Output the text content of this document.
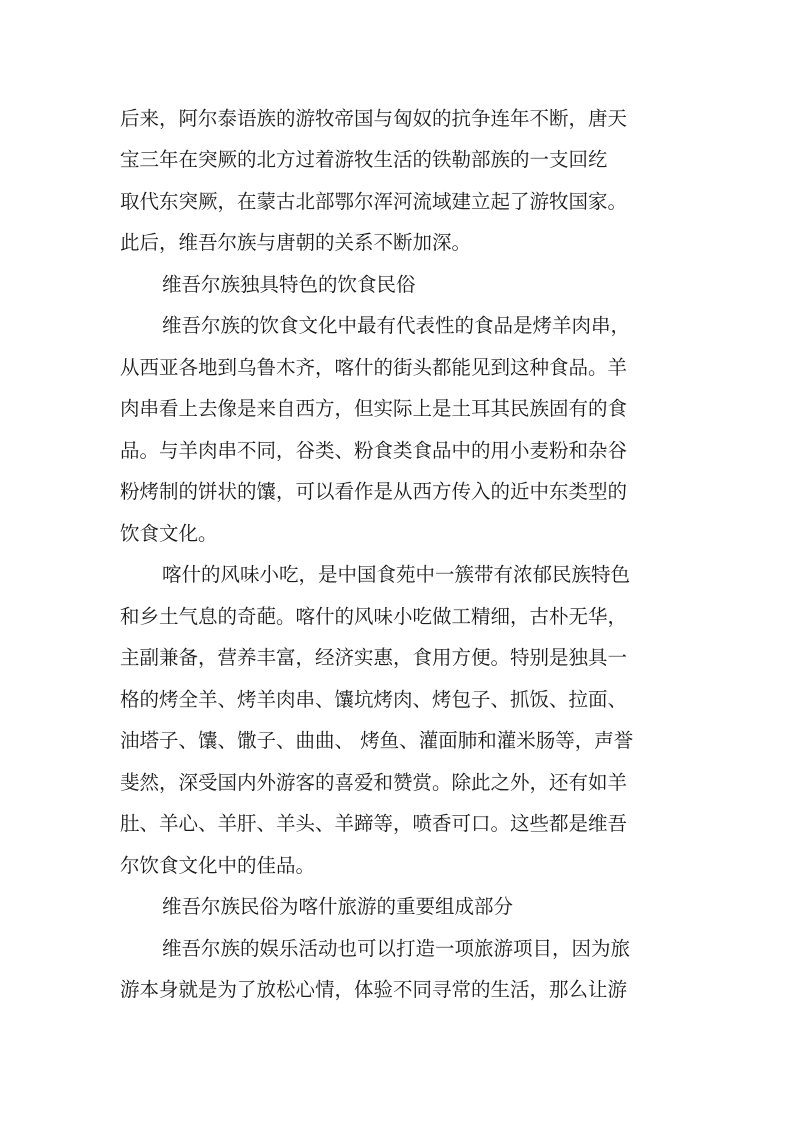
后来，阿尔泰语族的游牧帝国与匈奴的抗争连年不断，唐天
宝三年在突厥的北方过着游牧生活的铁勒部族的一支回纥
取代东突厥，在蒙古北部鄂尔浑河流域建立起了游牧国家。
此后，维吾尔族与唐朝的关系不断加深。
维吾尔族独具特色的饮食民俗
维吾尔族的饮食文化中最有代表性的食品是烤羊肉串，
从西亚各地到乌鲁木齐，喀什的街头都能见到这种食品。羊
肉串看上去像是来自西方，但实际上是土耳其民族固有的食
品。与羊肉串不同，谷类、粉食类食品中的用小麦粉和杂谷
粉烤制的饼状的馕，可以看作是从西方传入的近中东类型的
饮食文化。
喀什的风味小吃，是中国食苑中一簇带有浓郁民族特色
和乡土气息的奇葩。喀什的风味小吃做工精细，古朴无华，
主副兼备，营养丰富，经济实惠，食用方便。特别是独具一
格的烤全羊、烤羊肉串、馕坑烤肉、烤包子、抓饭、拉面、
油塔子、馕、馓子、曲曲、 烤鱼、灌面肺和灌米肠等，声誉
斐然，深受国内外游客的喜爱和赞赏。除此之外，还有如羊
肚、羊心、羊肝、羊头、羊蹄等，喷香可口。这些都是维吾
尔饮食文化中的佳品。
维吾尔族民俗为喀什旅游的重要组成部分
维吾尔族的娱乐活动也可以打造一项旅游项目，因为旅
游本身就是为了放松心情，体验不同寻常的生活，那么让游
